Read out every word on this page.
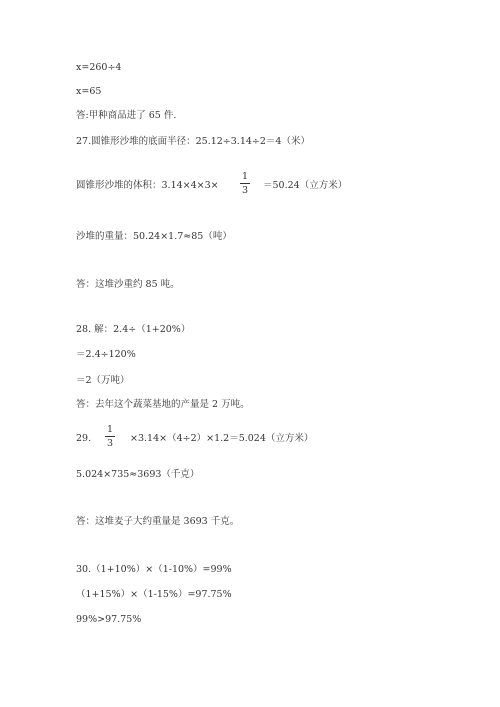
x=260÷4
x=65
答:甲种商品进了 65 件.
27.圆锥形沙堆的底面半径：25.12÷3.14÷2＝4（米）
圆锥形沙堆的体积：3.14×4×3×
1
3 ＝50.24（立方米）
沙堆的重量：50.24×1.7≈85（吨）
答：这堆沙重约 85 吨。
28. 解：2.4÷（1+20%）
＝2.4÷120%
＝2（万吨）
答：去年这个蔬菜基地的产量是 2 万吨。
29.
1
3 ×3.14×（4÷2）×1.2＝5.024（立方米）
5.024×735≈3693（千克）
答：这堆麦子大约重量是 3693 千克。
30.（1+10%）×（1-10%）=99%
（1+15%）×（1-15%）=97.75%
99%>97.75%
